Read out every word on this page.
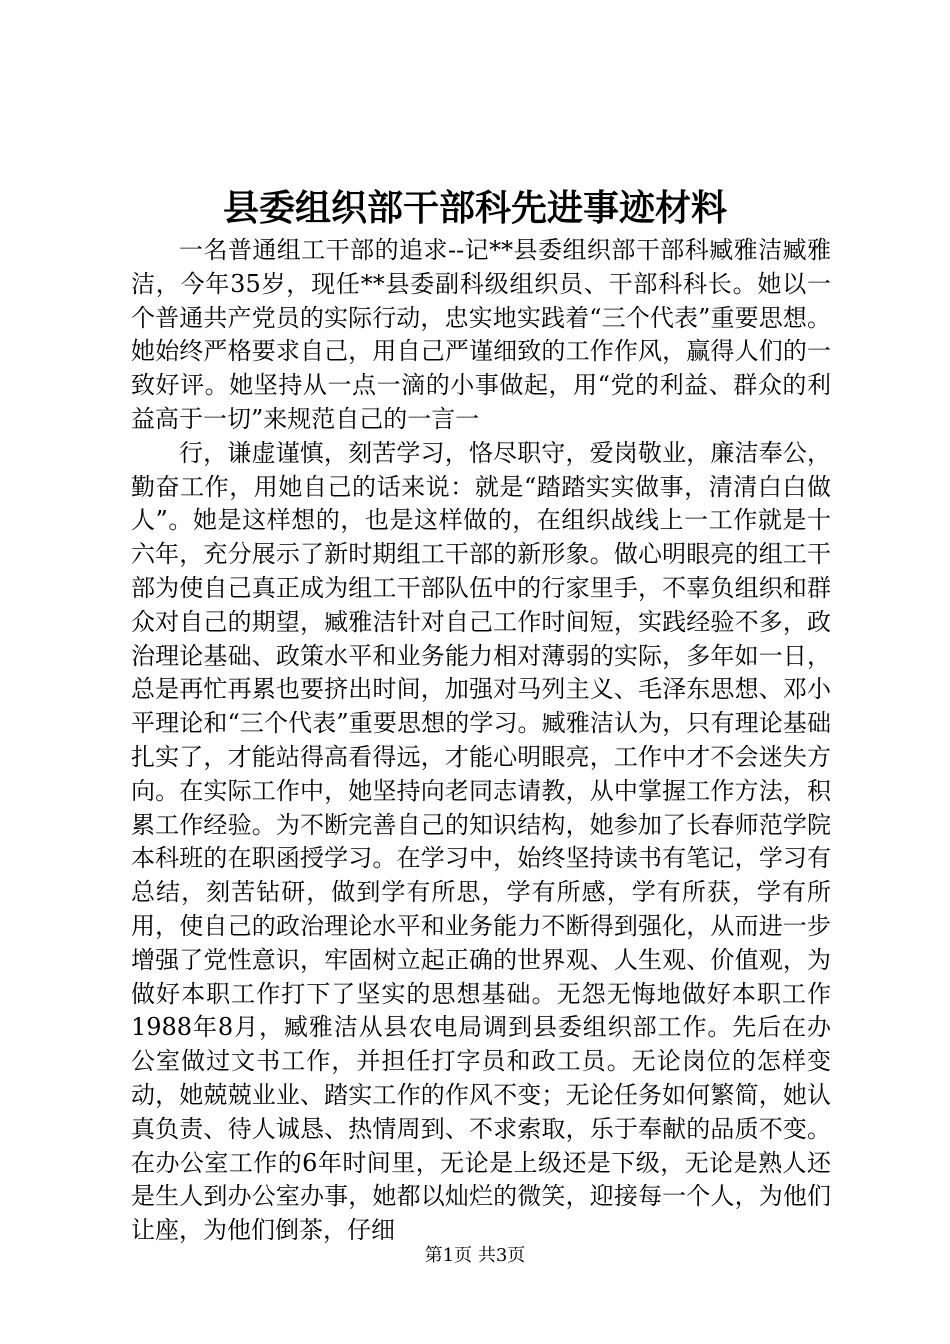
县委组织部干部科先进事迹材料

一名普通组工干部的追求--记**县委组织部干部科臧雅洁臧雅洁，今年35岁，现任**县委副科级组织员、干部科科长。她以一个普通共产党员的实际行动，忠实地实践着“三个代表”重要思想。她始终严格要求自己，用自己严谨细致的工作作风，赢得人们的一致好评。她坚持从一点一滴的小事做起，用“党的利益、群众的利益高于一切”来规范自己的一言一

行，谦虚谨慎，刻苦学习，恪尽职守，爱岗敬业，廉洁奉公，勤奋工作，用她自己的话来说：就是“踏踏实实做事，清清白白做人”。她是这样想的，也是这样做的，在组织战线上一工作就是十六年，充分展示了新时期组工干部的新形象。做心明眼亮的组工干部为使自己真正成为组工干部队伍中的行家里手，不辜负组织和群众对自己的期望，臧雅洁针对自己工作时间短，实践经验不多，政治理论基础、政策水平和业务能力相对薄弱的实际，多年如一日，总是再忙再累也要挤出时间，加强对马列主义、毛泽东思想、邓小平理论和“三个代表”重要思想的学习。臧雅洁认为，只有理论基础扎实了，才能站得高看得远，才能心明眼亮，工作中才不会迷失方向。在实际工作中，她坚持向老同志请教，从中掌握工作方法，积累工作经验。为不断完善自己的知识结构，她参加了长春师范学院本科班的在职函授学习。在学习中，始终坚持读书有笔记，学习有总结，刻苦钻研，做到学有所思，学有所感，学有所获，学有所用，使自己的政治理论水平和业务能力不断得到强化，从而进一步增强了党性意识，牢固树立起正确的世界观、人生观、价值观，为做好本职工作打下了坚实的思想基础。无怨无悔地做好本职工作1988年8月，臧雅洁从县农电局调到县委组织部工作。先后在办公室做过文书工作，并担任打字员和政工员。无论岗位的怎样变动，她兢兢业业、踏实工作的作风不变；无论任务如何繁简，她认真负责、待人诚恳、热情周到、不求索取，乐于奉献的品质不变。在办公室工作的6年时间里，无论是上级还是下级，无论是熟人还是生人到办公室办事，她都以灿烂的微笑，迎接每一个人，为他们让座，为他们倒茶，仔细

第1页 共3页
